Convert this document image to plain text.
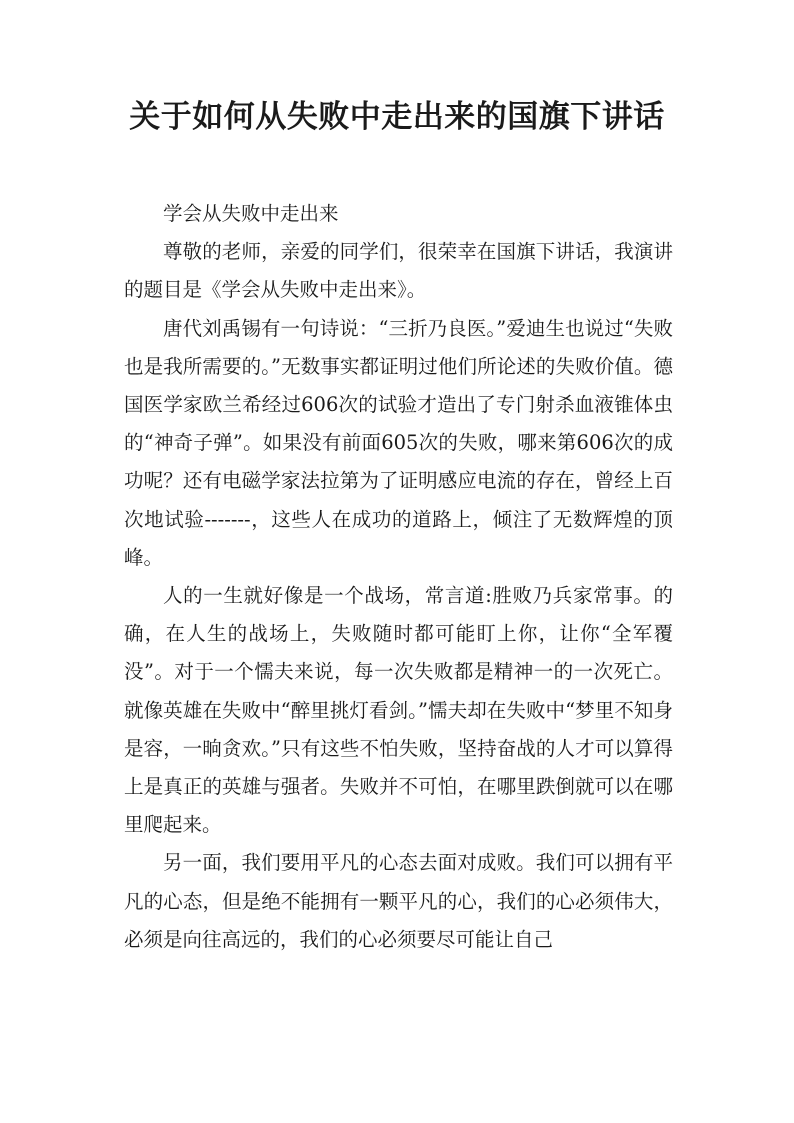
关于如何从失败中走出来的国旗下讲话

学会从失败中走出来

尊敬的老师，亲爱的同学们，很荣幸在国旗下讲话，我演讲的题目是《学会从失败中走出来》。

唐代刘禹锡有一句诗说：“三折乃良医。”爱迪生也说过“失败也是我所需要的。”无数事实都证明过他们所论述的失败价值。德国医学家欧兰希经过606次的试验才造出了专门射杀血液锥体虫的“神奇子弹”。如果没有前面605次的失败，哪来第606次的成功呢？还有电磁学家法拉第为了证明感应电流的存在，曾经上百次地试验-------，这些人在成功的道路上，倾注了无数辉煌的顶峰。

人的一生就好像是一个战场，常言道:胜败乃兵家常事。的确，在人生的战场上，失败随时都可能盯上你，让你“全军覆没”。对于一个懦夫来说，每一次失败都是精神一的一次死亡。就像英雄在失败中“醉里挑灯看剑。”懦夫却在失败中“梦里不知身是容，一晌贪欢。”只有这些不怕失败，坚持奋战的人才可以算得上是真正的英雄与强者。失败并不可怕，在哪里跌倒就可以在哪里爬起来。

另一面，我们要用平凡的心态去面对成败。我们可以拥有平凡的心态，但是绝不能拥有一颗平凡的心，我们的心必须伟大，必须是向往高远的，我们的心必须要尽可能让自己
